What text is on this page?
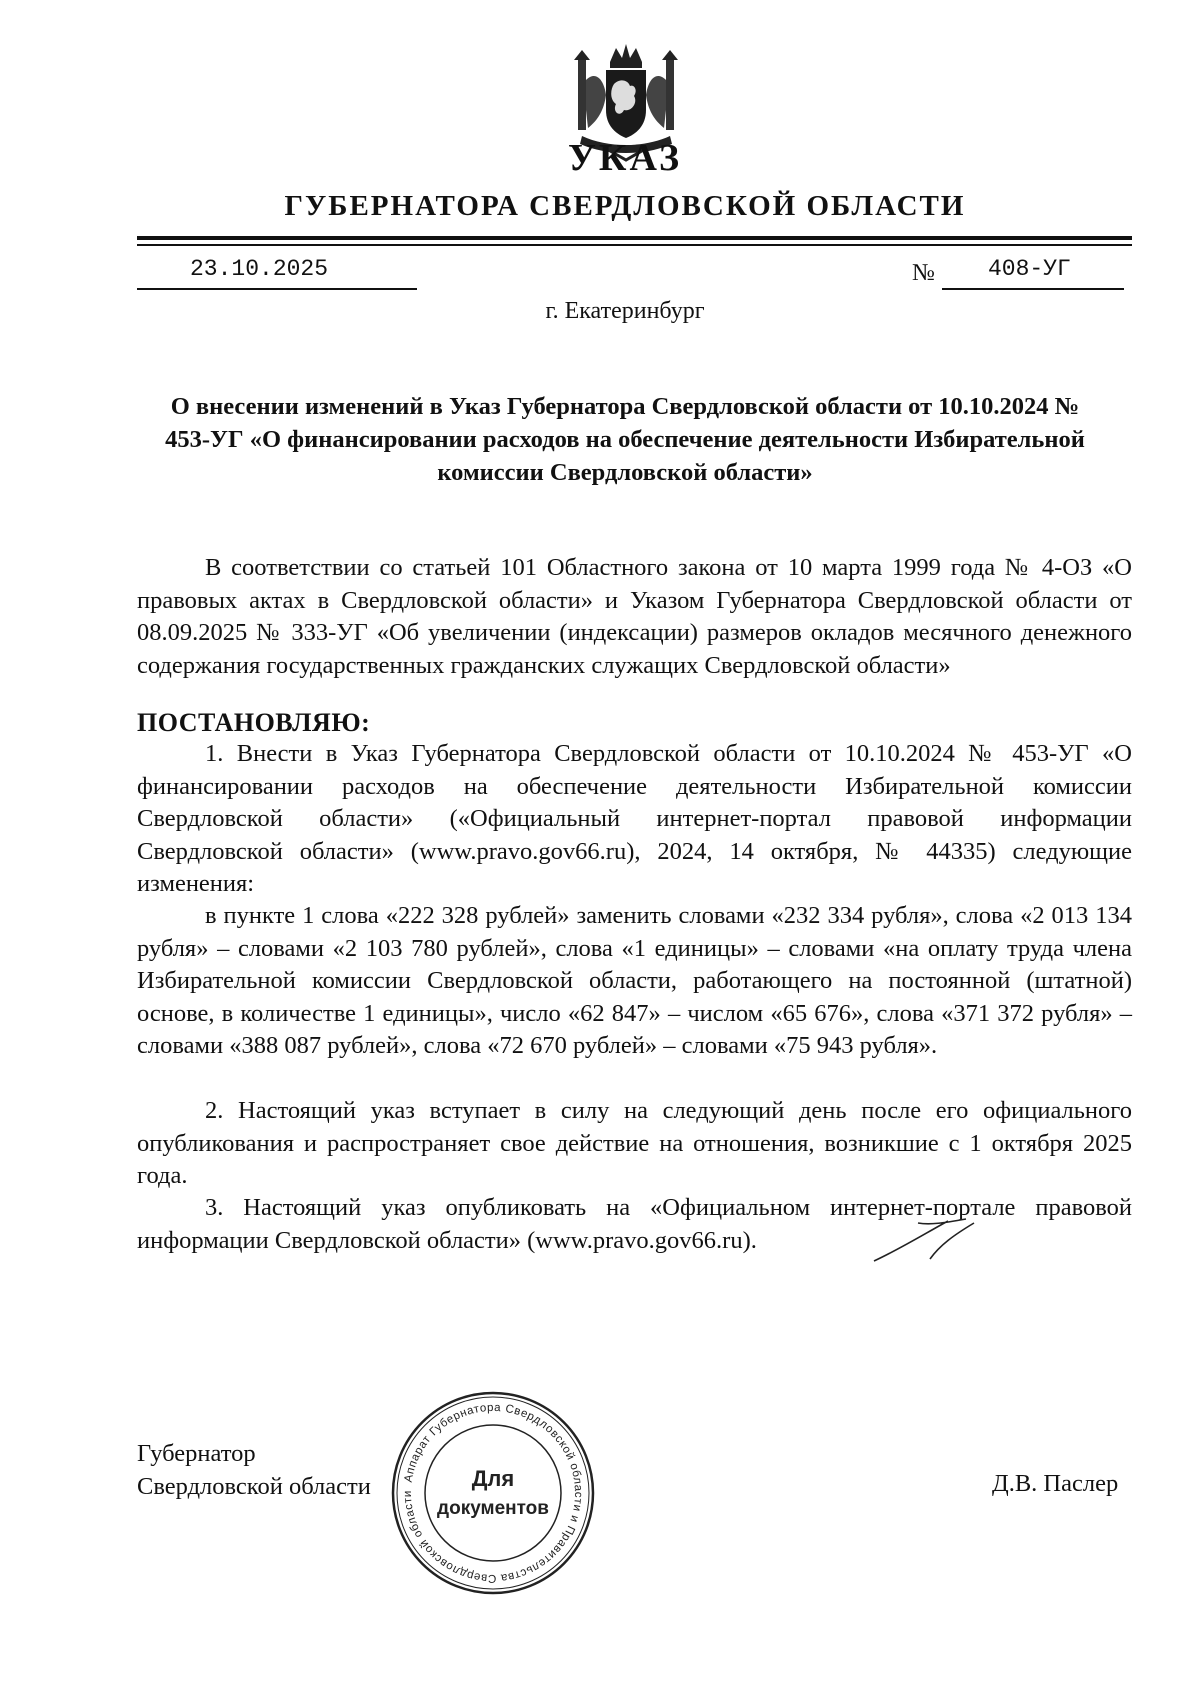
УКАЗ
ГУБЕРНАТОРА СВЕРДЛОВСКОЙ ОБЛАСТИ
23.10.2025	№ 408-УГ
г. Екатеринбург
О внесении изменений в Указ Губернатора Свердловской области от 10.10.2024 № 453-УГ «О финансировании расходов на обеспечение деятельности Избирательной комиссии Свердловской области»

В соответствии со статьей 101 Областного закона от 10 марта 1999 года № 4-ОЗ «О правовых актах в Свердловской области» и Указом Губернатора Свердловской области от 08.09.2025 № 333-УГ «Об увеличении (индексации) размеров окладов месячного денежного содержания государственных гражданских служащих Свердловской области»

ПОСТАНОВЛЯЮ:

1. Внести в Указ Губернатора Свердловской области от 10.10.2024 № 453-УГ «О финансировании расходов на обеспечение деятельности Избирательной комиссии Свердловской области» («Официальный интернет-портал правовой информации Свердловской области» (www.pravo.gov66.ru), 2024, 14 октября, № 44335) следующие изменения:

в пункте 1 слова «222 328 рублей» заменить словами «232 334 рубля», слова «2 013 134 рубля» – словами «2 103 780 рублей», слова «1 единицы» – словами «на оплату труда члена Избирательной комиссии Свердловской области, работающего на постоянной (штатной) основе, в количестве 1 единицы», число «62 847» – числом «65 676», слова «371 372 рубля» – словами «388 087 рублей», слова «72 670 рублей» – словами «75 943 рубля».

2. Настоящий указ вступает в силу на следующий день после его официального опубликования и распространяет свое действие на отношения, возникшие с 1 октября 2025 года.

3. Настоящий указ опубликовать на «Официальном интернет-портале правовой информации Свердловской области» (www.pravo.gov66.ru).

Губернатор
Свердловской области	Д.В. Паслер
Аппарат Губернатора Свердловской области и Правительства Свердловской области
Для
документов
